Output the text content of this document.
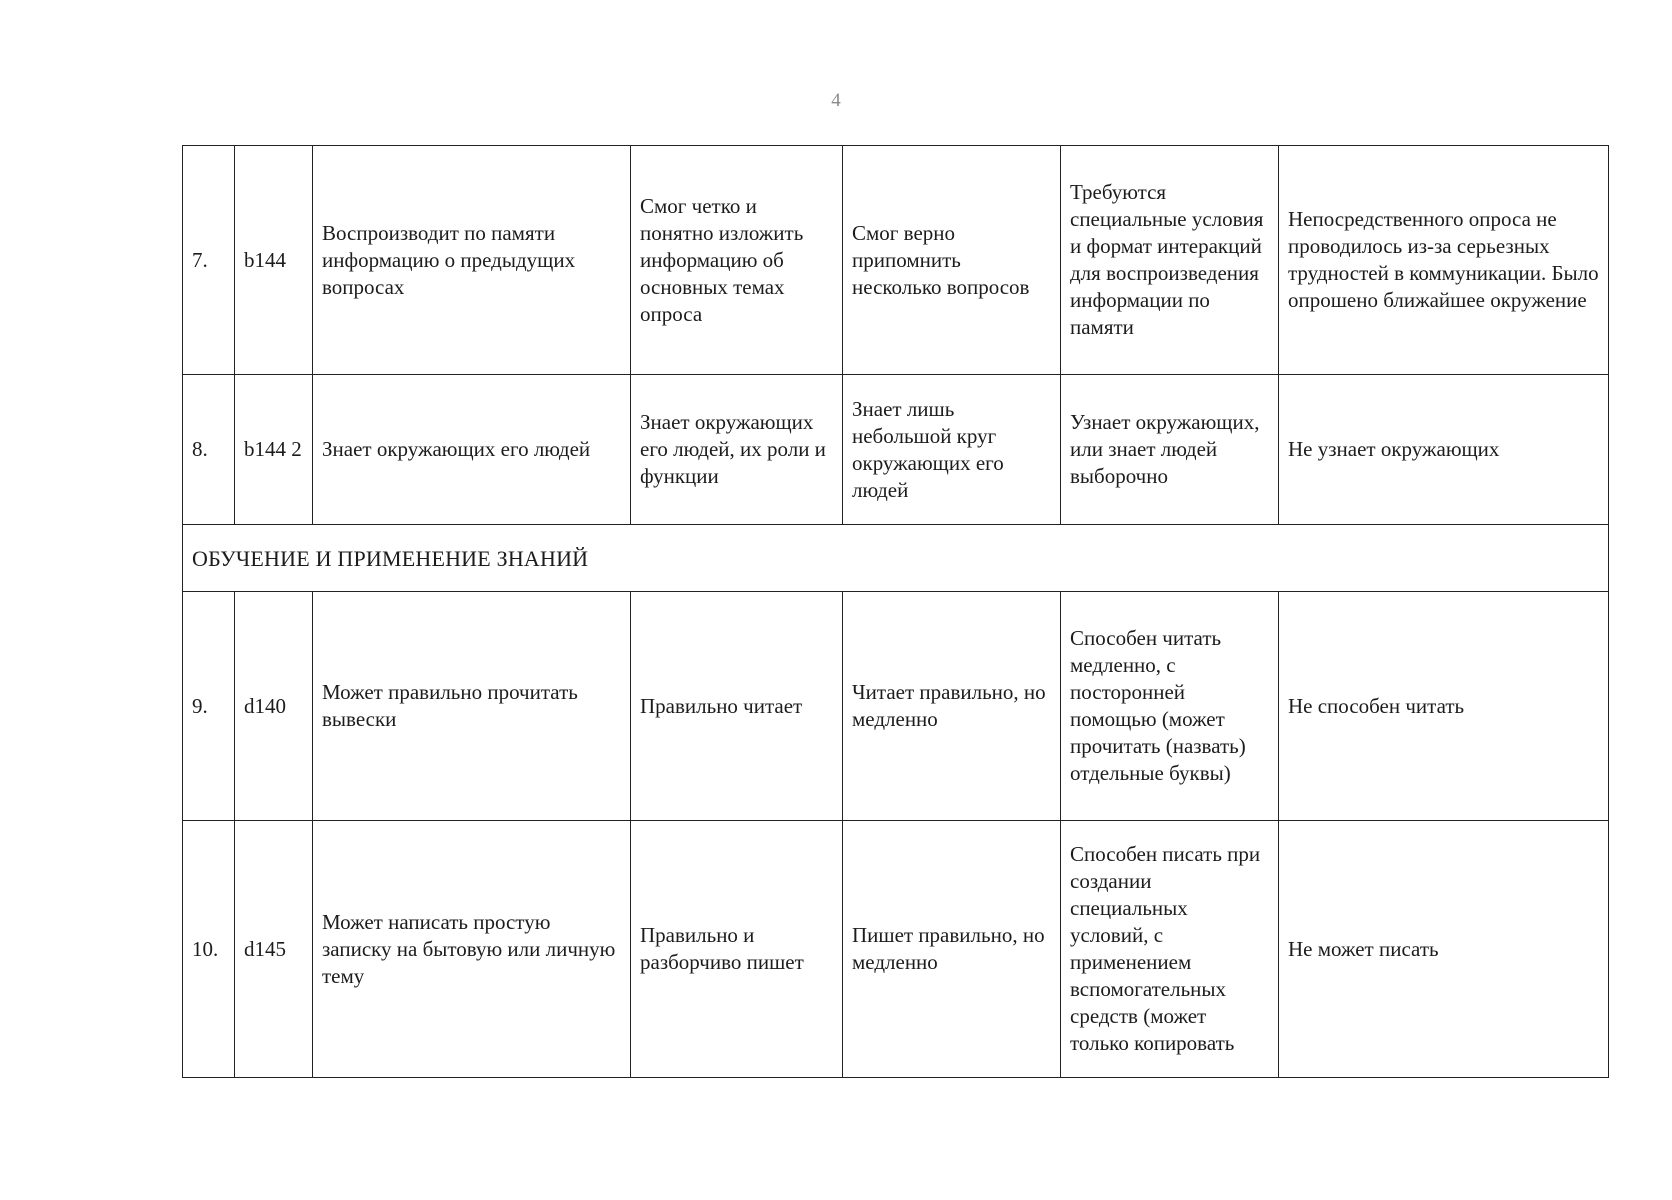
4
7.	b144	Воспроизводит по памяти информацию о предыдущих вопросах	Смог четко и понятно изложить информацию об основных темах опроса	Смог верно припомнить несколько вопросов	Требуются специальные условия и формат интеракций для воспроизведения информации по памяти	Непосредственного опроса не проводилось из-за серьезных трудностей в коммуникации. Было опрошено ближайшее окружение
8.	b144 2	Знает окружающих его людей	Знает окружающих его людей, их роли и функции	Знает лишь небольшой круг окружающих его людей	Узнает окружающих, или знает людей выборочно	Не узнает окружающих
ОБУЧЕНИЕ И ПРИМЕНЕНИЕ ЗНАНИЙ						
9.	d140	Может правильно прочитать вывески	Правильно читает	Читает правильно, но медленно	Способен читать медленно, с посторонней помощью (может прочитать (назвать) отдельные буквы)	Не способен читать
10.	d145	Может написать простую записку на бытовую или личную тему	Правильно и разборчиво пишет	Пишет правильно, но медленно	Способен писать при создании специальных условий, с применением вспомогательных средств (может только копировать	Не может писать
